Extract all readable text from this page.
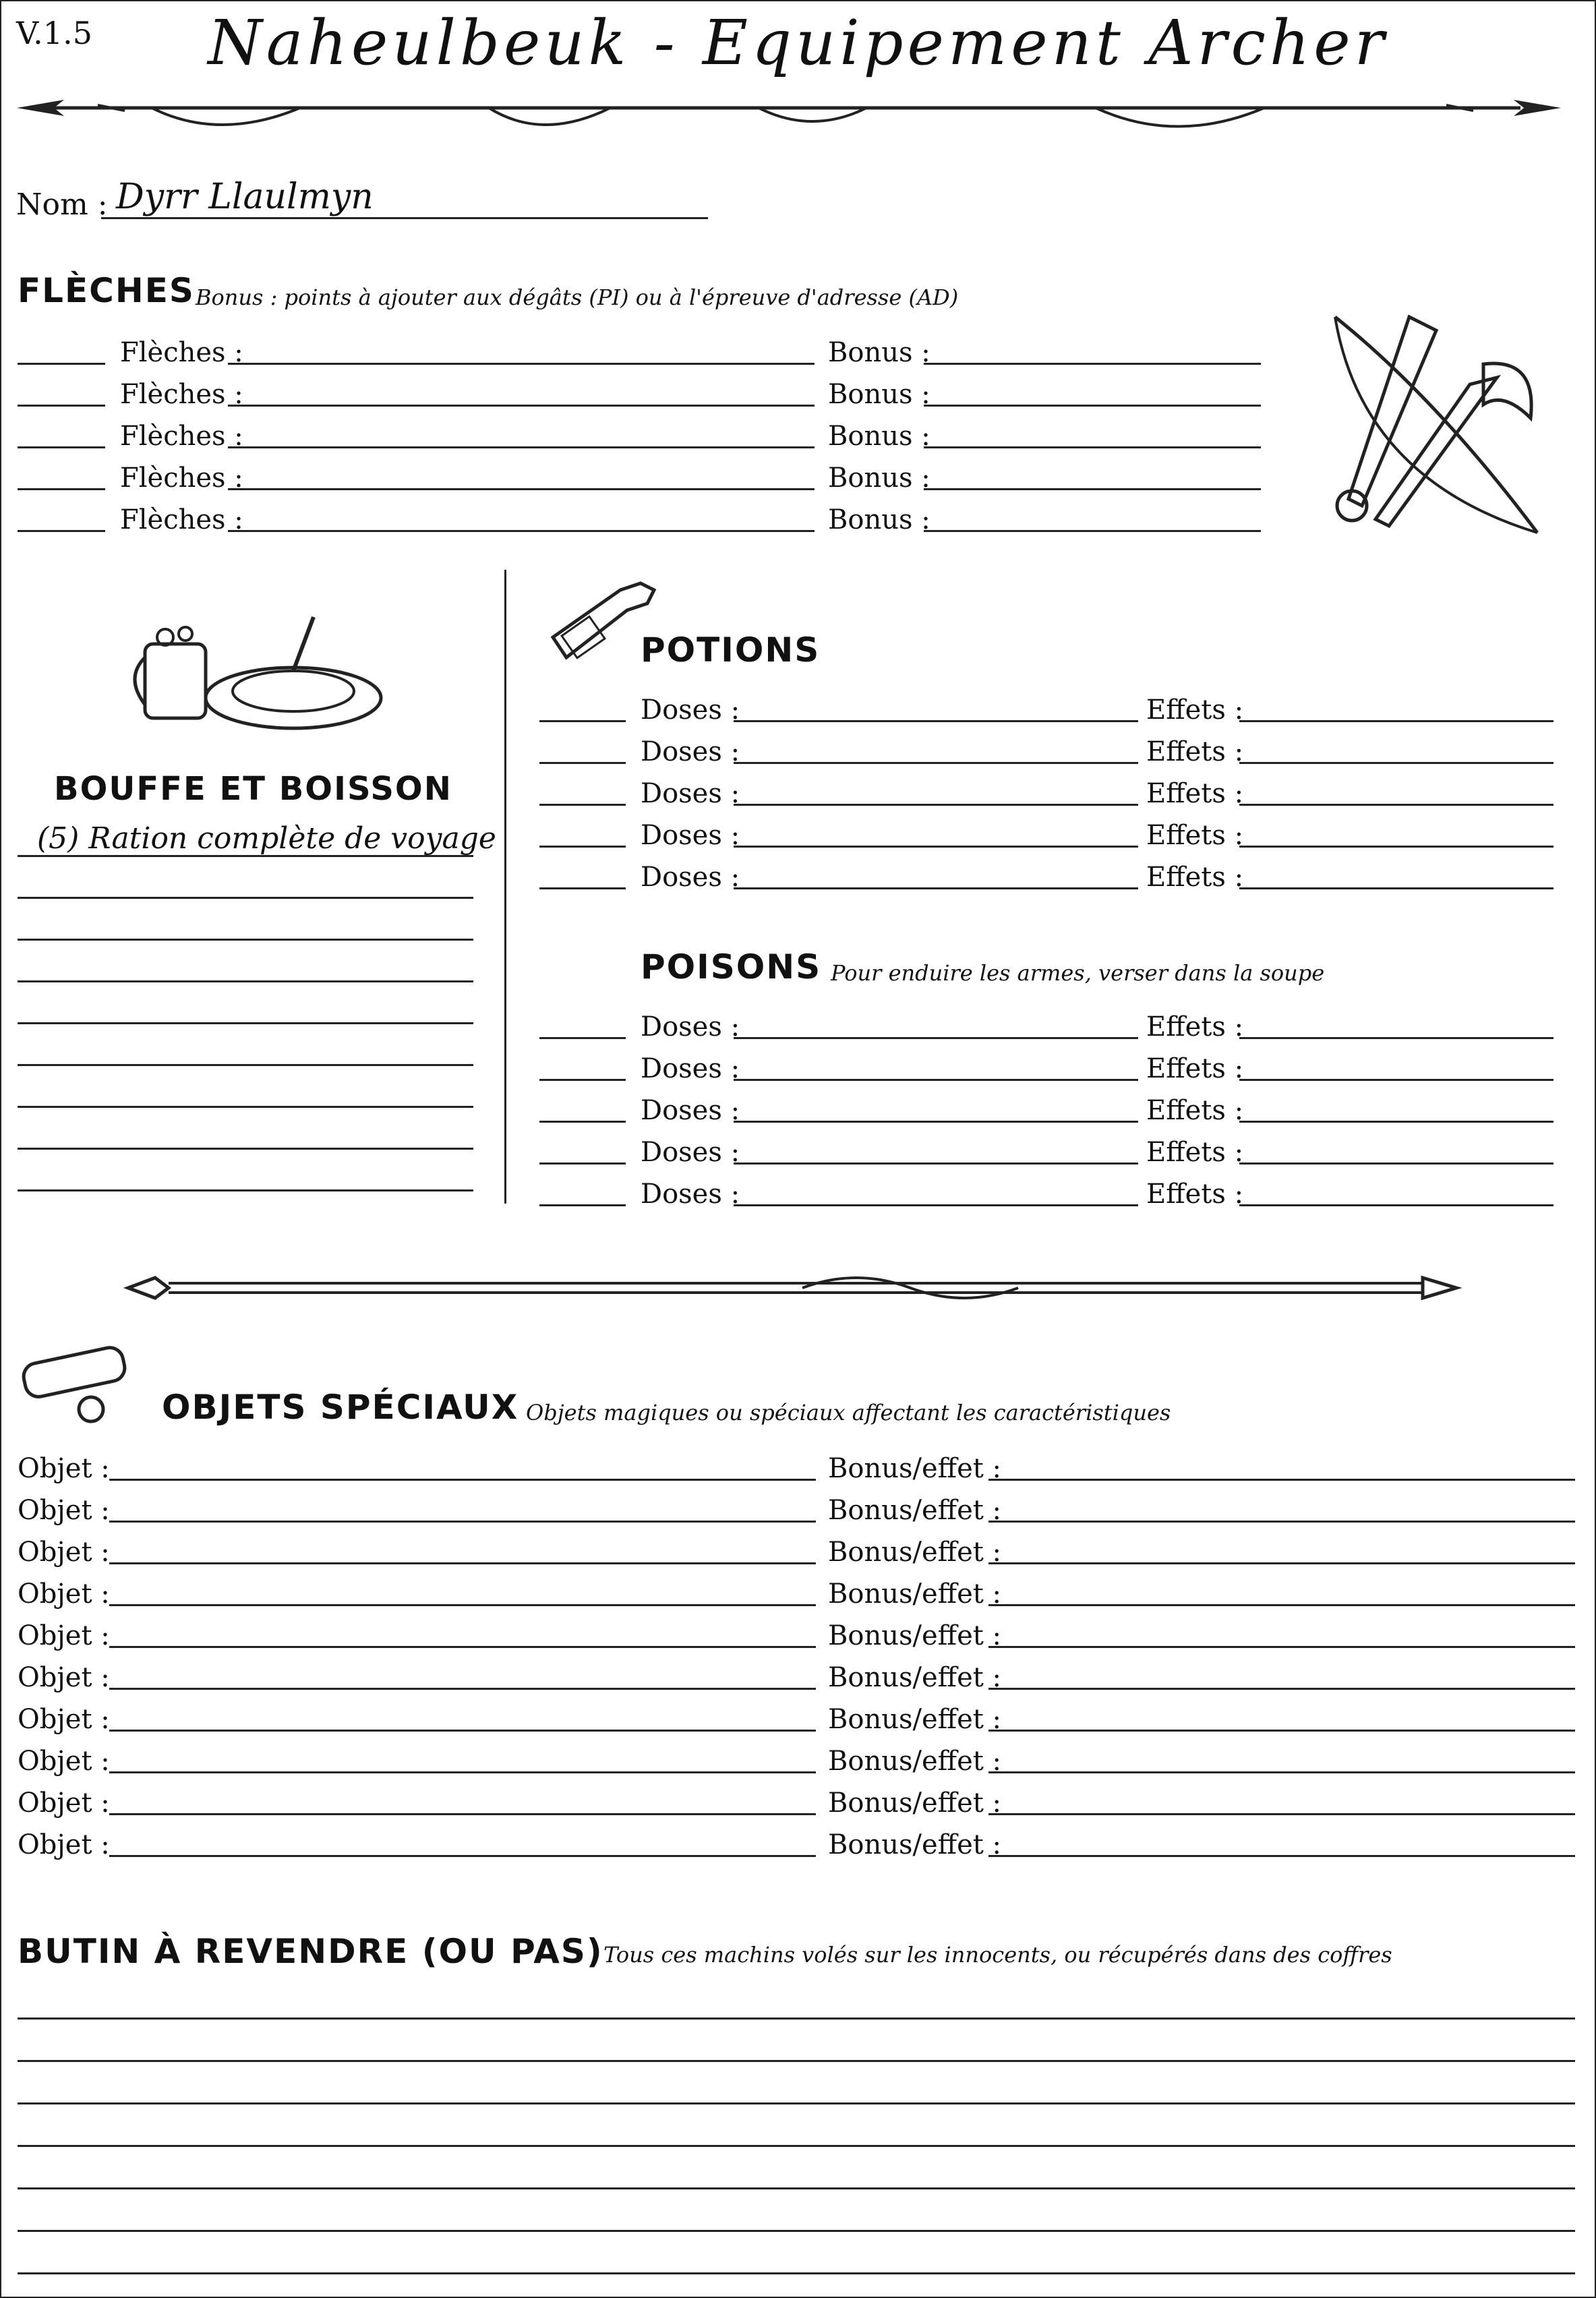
V.1.5	Naheulbeuk - Equipement Archer
Nom : Dyrr Llaulmyn
FLÈCHES Bonus : points à ajouter aux dégâts (PI) ou à l'épreuve d'adresse (AD)
Flèches :	Bonus :
Flèches :	Bonus :
Flèches :	Bonus :
Flèches :	Bonus :
Flèches :	Bonus :
BOUFFE ET BOISSON
(5) Ration complète de voyage
POTIONS
Doses :	Effets :
Doses :	Effets :
Doses :	Effets :
Doses :	Effets :
Doses :	Effets :
POISONS Pour enduire les armes, verser dans la soupe
Doses :	Effets :
Doses :	Effets :
Doses :	Effets :
Doses :	Effets :
Doses :	Effets :
OBJETS SPÉCIAUX Objets magiques ou spéciaux affectant les caractéristiques
Objet :	Bonus/effet :
Objet :	Bonus/effet :
Objet :	Bonus/effet :
Objet :	Bonus/effet :
Objet :	Bonus/effet :
Objet :	Bonus/effet :
Objet :	Bonus/effet :
Objet :	Bonus/effet :
Objet :	Bonus/effet :
Objet :	Bonus/effet :
BUTIN À REVENDRE (OU PAS) Tous ces machins volés sur les innocents, ou récupérés dans des coffres
